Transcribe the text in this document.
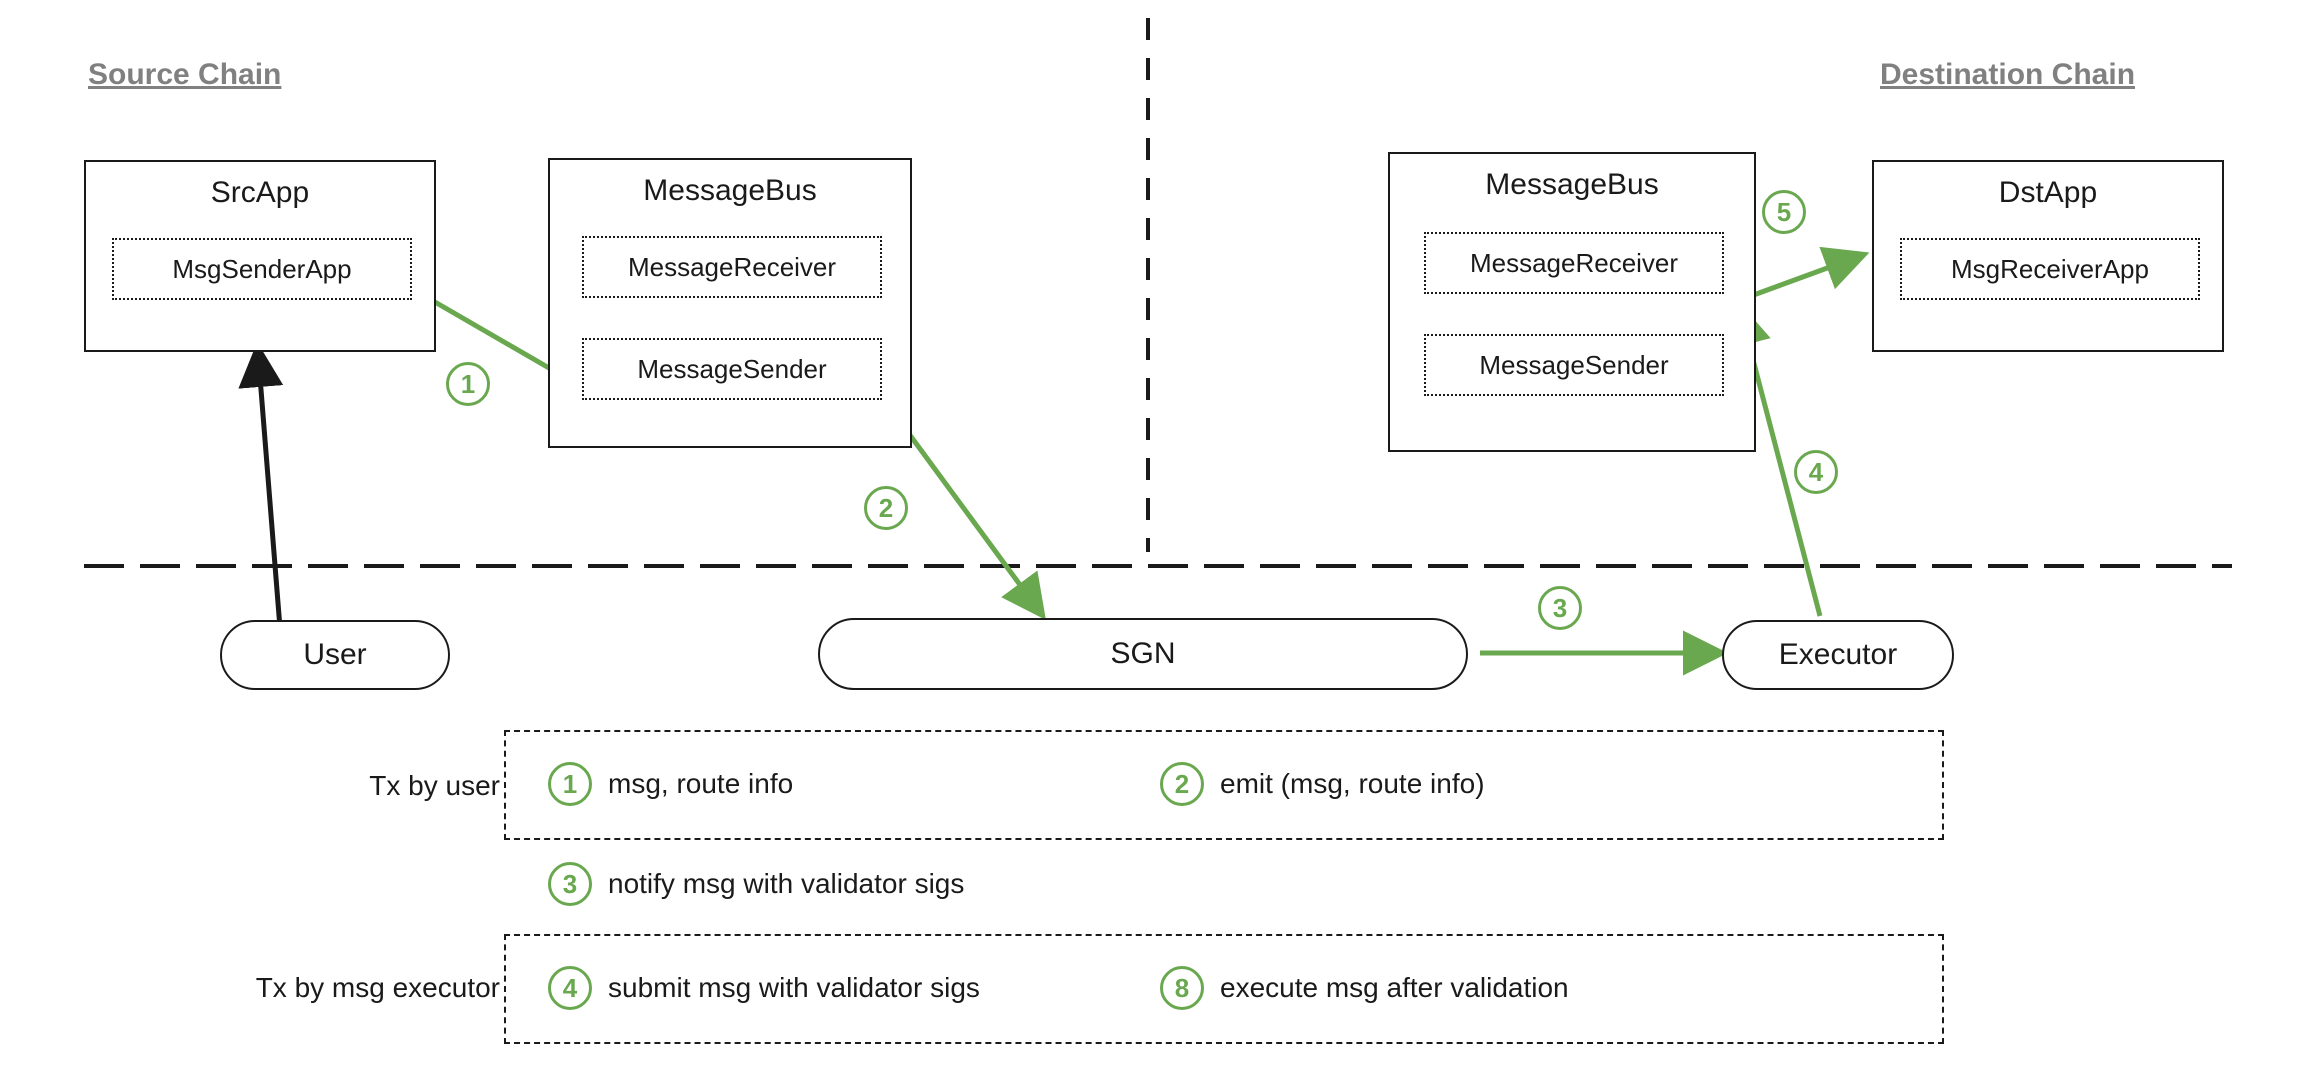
Source Chain	Destination Chain
SrcApp
MsgSenderApp
MessageBus
MessageReceiver
MessageSender
MessageBus
MessageReceiver
MessageSender
DstApp
MsgReceiverApp
User	SGN	Executor
1
2
3
4
5
Tx by user	1	msg, route info	2	emit (msg, route info)
3	notify msg with validator sigs
Tx by msg executor	4	submit msg with validator sigs	8	execute msg after validation
